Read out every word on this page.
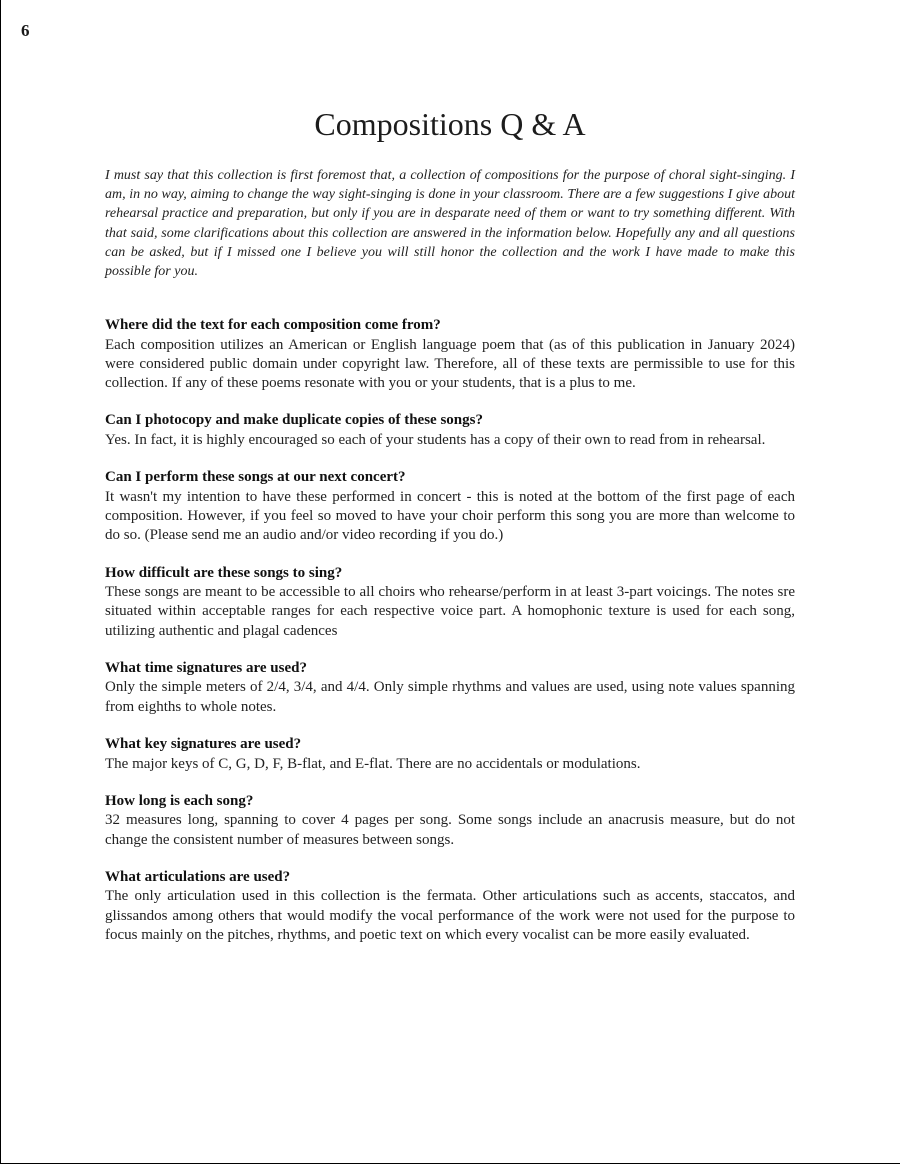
6
Compositions Q & A

I must say that this collection is first foremost that, a collection of compositions for the purpose of choral sight-singing. I am, in no way, aiming to change the way sight-singing is done in your classroom. There are a few suggestions I give about rehearsal practice and preparation, but only if you are in desparate need of them or want to try something different. With that said, some clarifications about this collection are answered in the information below. Hopefully any and all questions can be asked, but if I missed one I believe you will still honor the collection and the work I have made to make this possible for you.

Where did the text for each composition come from?

Each composition utilizes an American or English language poem that (as of this publication in January 2024) were considered public domain under copyright law. Therefore, all of these texts are permissible to use for this collection. If any of these poems resonate with you or your students, that is a plus to me.

Can I photocopy and make duplicate copies of these songs?

Yes. In fact, it is highly encouraged so each of your students has a copy of their own to read from in rehearsal.

Can I perform these songs at our next concert?

It wasn't my intention to have these performed in concert - this is noted at the bottom of the first page of each composition. However, if you feel so moved to have your choir perform this song you are more than welcome to do so. (Please send me an audio and/or video recording if you do.)

How difficult are these songs to sing?

These songs are meant to be accessible to all choirs who rehearse/perform in at least 3-part voicings. The notes sre situated within acceptable ranges for each respective voice part. A homophonic texture is used for each song, utilizing authentic and plagal cadences

What time signatures are used?

Only the simple meters of 2/4, 3/4, and 4/4. Only simple rhythms and values are used, using note values spanning from eighths to whole notes.

What key signatures are used?

The major keys of C, G, D, F, B-flat, and E-flat. There are no accidentals or modulations.

How long is each song?

32 measures long, spanning to cover 4 pages per song. Some songs include an anacrusis measure, but do not change the consistent number of measures between songs.

What articulations are used?

The only articulation used in this collection is the fermata. Other articulations such as accents, staccatos, and glissandos among others that would modify the vocal performance of the work were not used for the purpose to focus mainly on the pitches, rhythms, and poetic text on which every vocalist can be more easily evaluated.
